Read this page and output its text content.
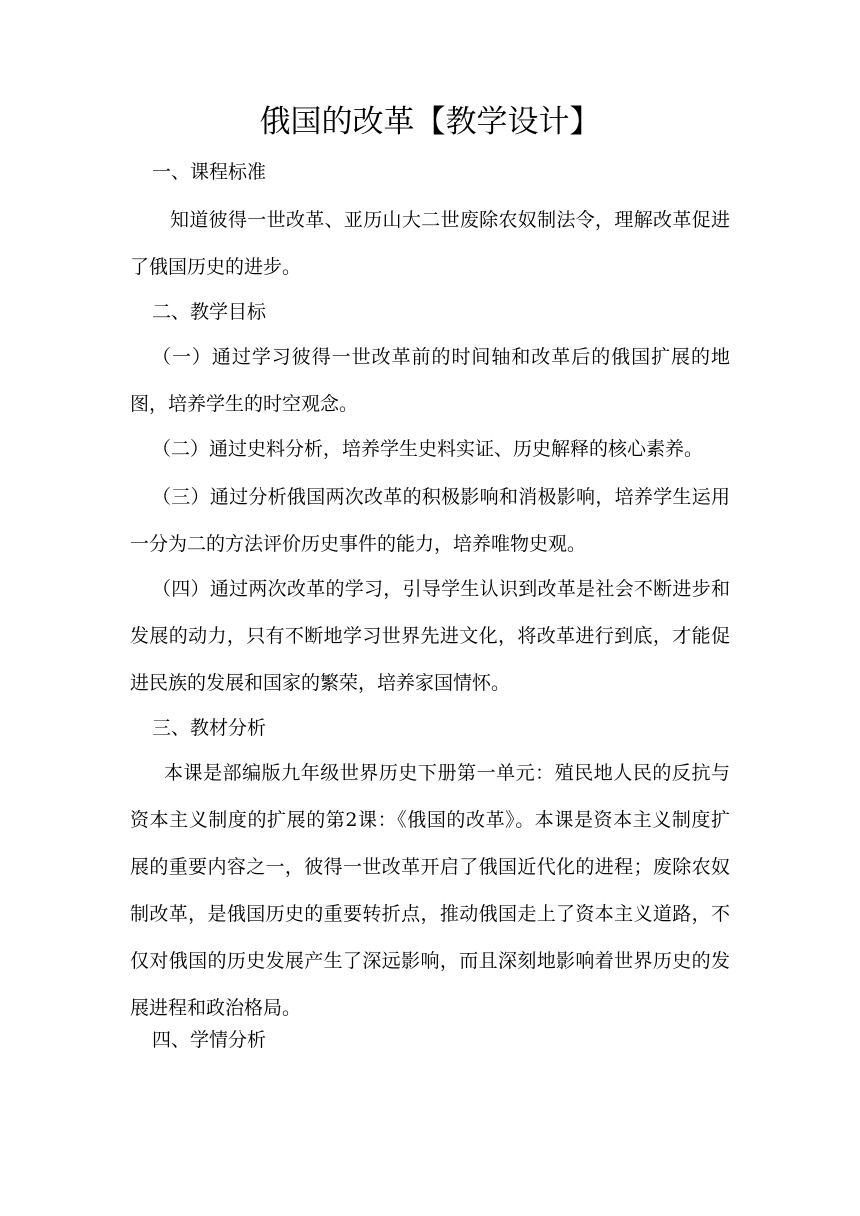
俄国的改革【教学设计】
一、课程标准

知道彼得一世改革、亚历山大二世废除农奴制法令，理解改革促进了俄国历史的进步。

二、教学目标

（一）通过学习彼得一世改革前的时间轴和改革后的俄国扩展的地图，培养学生的时空观念。

（二）通过史料分析，培养学生史料实证、历史解释的核心素养。

（三）通过分析俄国两次改革的积极影响和消极影响，培养学生运用一分为二的方法评价历史事件的能力，培养唯物史观。

（四）通过两次改革的学习，引导学生认识到改革是社会不断进步和发展的动力，只有不断地学习世界先进文化，将改革进行到底，才能促进民族的发展和国家的繁荣，培养家国情怀。

三、教材分析

本课是部编版九年级世界历史下册第一单元：殖民地人民的反抗与资本主义制度的扩展的第2课：《俄国的改革》。本课是资本主义制度扩展的重要内容之一，彼得一世改革开启了俄国近代化的进程；废除农奴制改革，是俄国历史的重要转折点，推动俄国走上了资本主义道路，不仅对俄国的历史发展产生了深远影响，而且深刻地影响着世界历史的发展进程和政治格局。

四、学情分析
